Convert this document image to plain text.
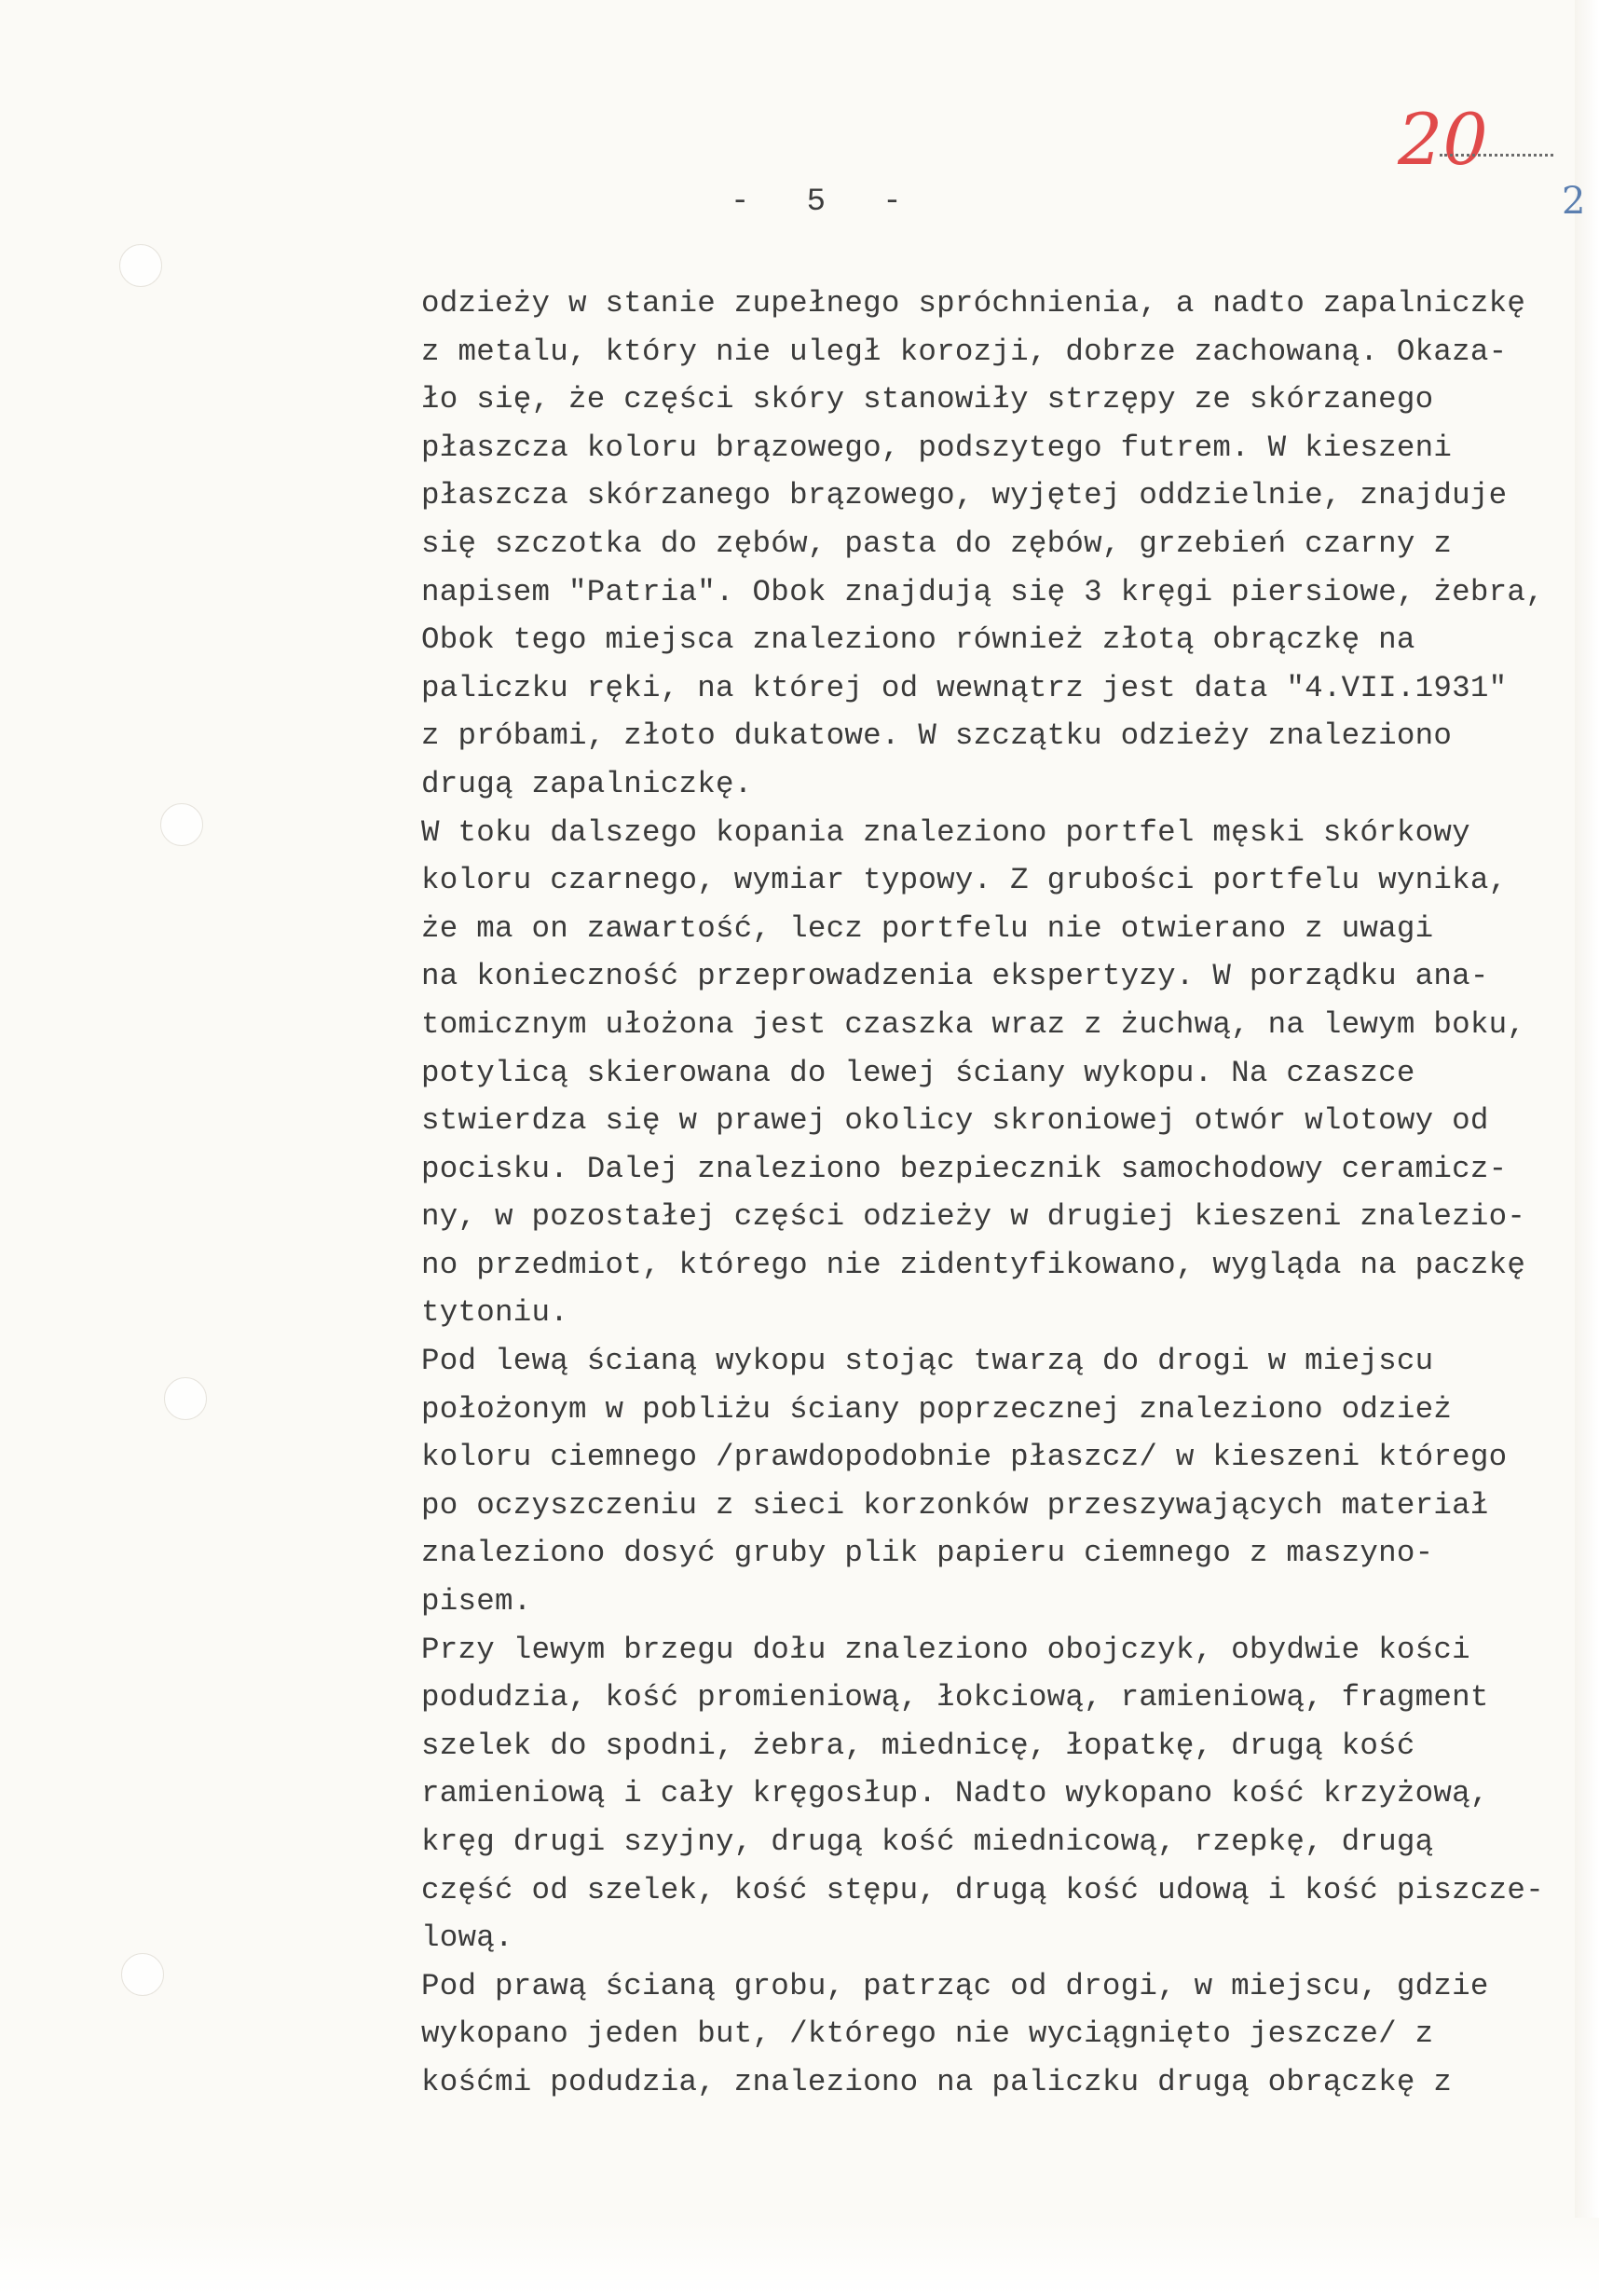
20
2
-   5   -
odzieży w stanie zupełnego spróchnienia, a nadto zapalniczkę
z metalu, który nie uległ korozji, dobrze zachowaną. Okaza-
ło się, że części skóry stanowiły strzępy ze skórzanego
płaszcza koloru brązowego, podszytego futrem. W kieszeni
płaszcza skórzanego brązowego, wyjętej oddzielnie, znajduje
się szczotka do zębów, pasta do zębów, grzebień czarny z
napisem "Patria". Obok znajdują się 3 kręgi piersiowe, żebra,
Obok tego miejsca znaleziono również złotą obrączkę na
paliczku ręki, na której od wewnątrz jest data "4.VII.1931"
z próbami, złoto dukatowe. W szczątku odzieży znaleziono
drugą zapalniczkę.
W toku dalszego kopania znaleziono portfel męski skórkowy
koloru czarnego, wymiar typowy. Z grubości portfelu wynika,
że ma on zawartość, lecz portfelu nie otwierano z uwagi
na konieczność przeprowadzenia ekspertyzy. W porządku ana-
tomicznym ułożona jest czaszka wraz z żuchwą, na lewym boku,
potylicą skierowana do lewej ściany wykopu. Na czaszce
stwierdza się w prawej okolicy skroniowej otwór wlotowy od
pocisku. Dalej znaleziono bezpiecznik samochodowy ceramicz-
ny, w pozostałej części odzieży w drugiej kieszeni znalezio-
no przedmiot, którego nie zidentyfikowano, wygląda na paczkę
tytoniu.
Pod lewą ścianą wykopu stojąc twarzą do drogi w miejscu
położonym w pobliżu ściany poprzecznej znaleziono odzież
koloru ciemnego /prawdopodobnie płaszcz/ w kieszeni którego
po oczyszczeniu z sieci korzonków przeszywających materiał
znaleziono dosyć gruby plik papieru ciemnego z maszyno-
pisem.
Przy lewym brzegu dołu znaleziono obojczyk, obydwie kości
podudzia, kość promieniową, łokciową, ramieniową, fragment
szelek do spodni, żebra, miednicę, łopatkę, drugą kość
ramieniową i cały kręgosłup. Nadto wykopano kość krzyżową,
kręg drugi szyjny, drugą kość miednicową, rzepkę, drugą
część od szelek, kość stępu, drugą kość udową i kość piszcze-
lową.
Pod prawą ścianą grobu, patrząc od drogi, w miejscu, gdzie
wykopano jeden but, /którego nie wyciągnięto jeszcze/ z
kośćmi podudzia, znaleziono na paliczku drugą obrączkę z
